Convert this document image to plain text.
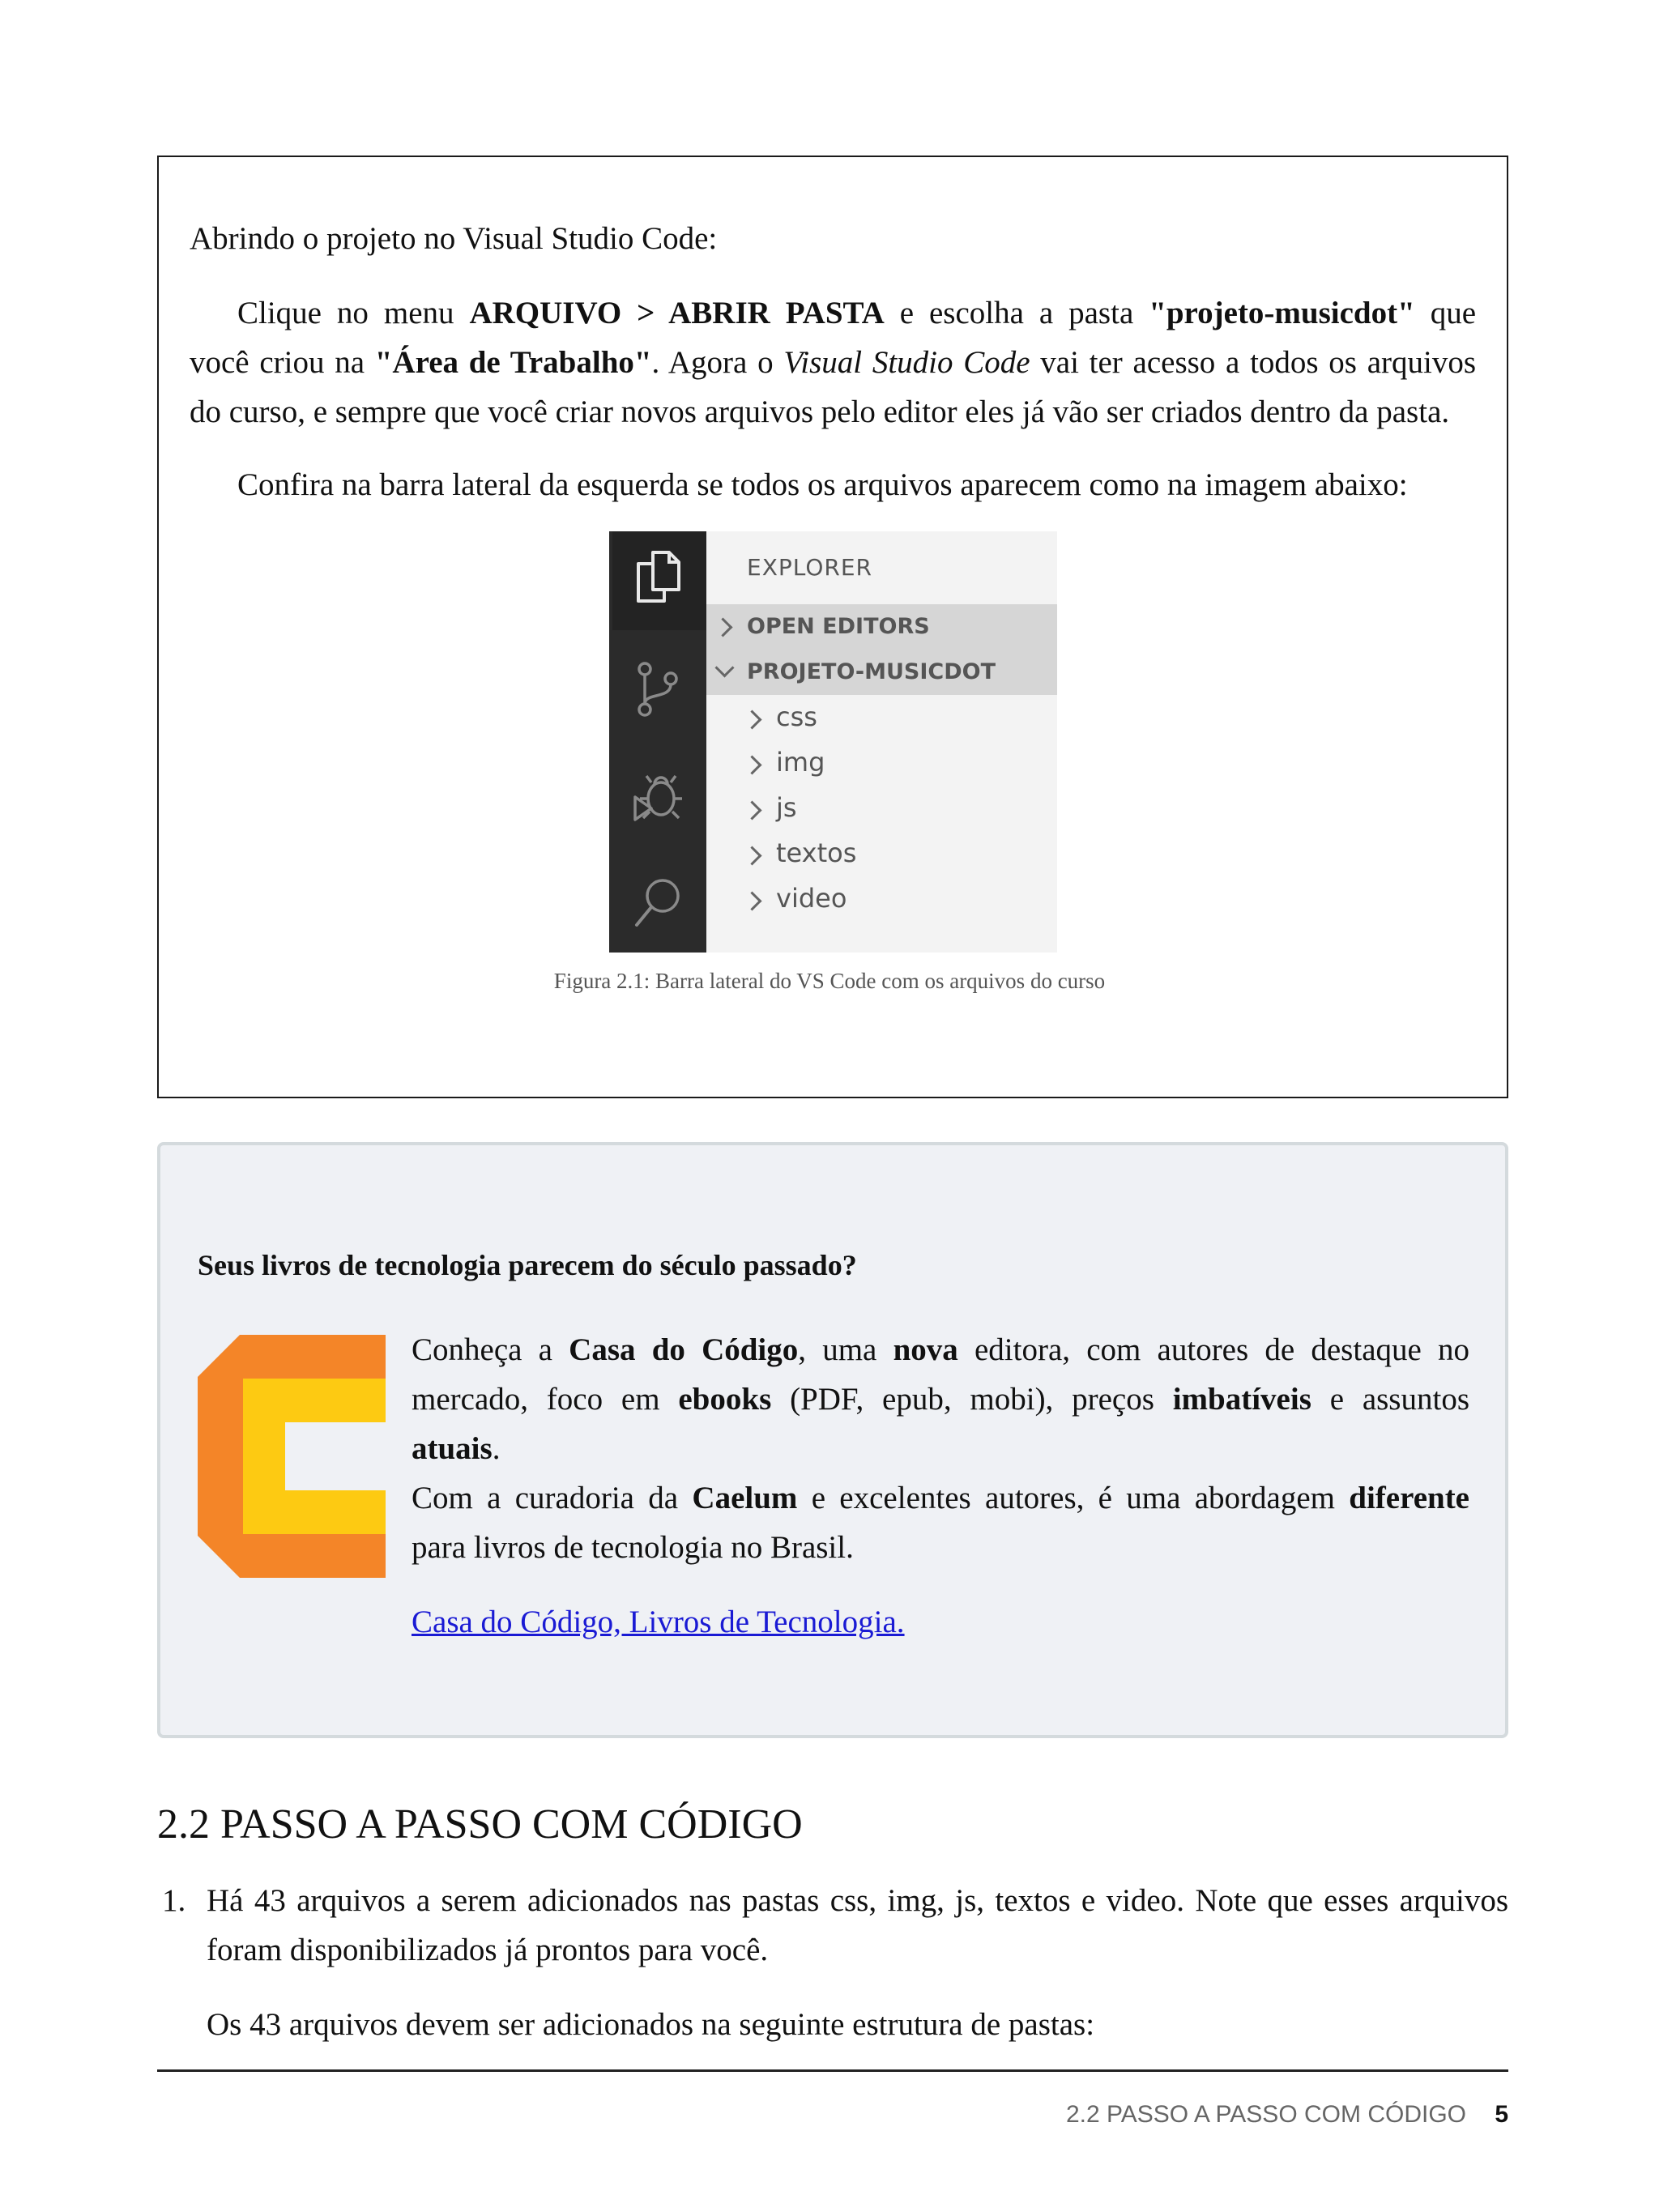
Abrindo o projeto no Visual Studio Code:

Clique no menu ARQUIVO > ABRIR PASTA e escolha a pasta "projeto-musicdot" que

você criou na "Área de Trabalho". Agora o Visual Studio Code vai ter acesso a todos os arquivos

do curso, e sempre que você criar novos arquivos pelo editor eles já vão ser criados dentro da pasta.

Confira na barra lateral da esquerda se todos os arquivos aparecem como na imagem abaixo:

EXPLORER
OPEN EDITORS
PROJETO-MUSICDOT
css
img
js
textos
video
Figura 2.1: Barra lateral do VS Code com os arquivos do curso
Seus livros de tecnologia parecem do século passado?

Conheça a Casa do Código, uma nova editora, com autores de destaque no

mercado, foco em ebooks (PDF, epub, mobi), preços imbatíveis e assuntos

atuais.

Com a curadoria da Caelum e excelentes autores, é uma abordagem diferente

para livros de tecnologia no Brasil.

Casa do Código, Livros de Tecnologia.

2.2 PASSO A PASSO COM CÓDIGO
1. Há 43 arquivos a serem adicionados nas pastas css, img, js, textos e video. Note que esses arquivos

foram disponibilizados já prontos para você.

Os 43 arquivos devem ser adicionados na seguinte estrutura de pastas:

2.2 PASSO A PASSO COM CÓDIGO 5
